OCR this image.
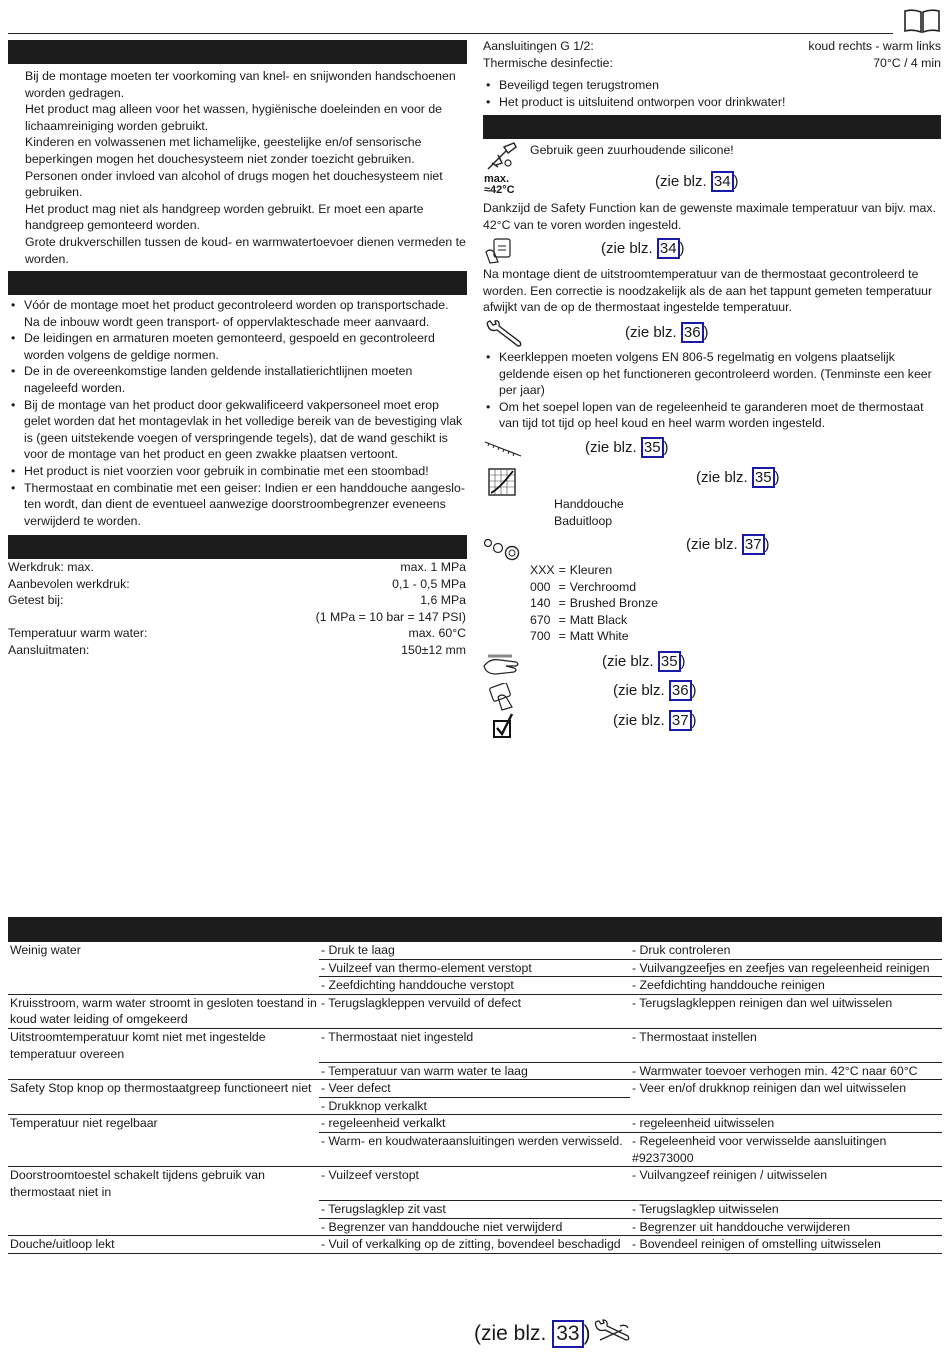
Bij de montage moeten ter voorkoming van knel- en snijwonden handschoenen worden gedragen.

Het product mag alleen voor het wassen, hygiënische doeleinden en voor de lichaamreiniging worden gebruikt.

Kinderen en volwassenen met lichamelijke, geestelijke en/of sensorische beperkingen mogen het douchesysteem niet zonder toezicht gebruiken.

Personen onder invloed van alcohol of drugs mogen het douchesysteem niet gebruiken.

Het product mag niet als handgreep worden gebruikt. Er moet een aparte handgreep gemonteerd worden.

Grote drukverschillen tussen de koud- en warmwatertoevoer dienen vermeden te worden.

• Vóór de montage moet het product gecontroleerd worden op transportschade. Na de inbouw wordt geen transport- of oppervlakteschade meer aanvaard.
• De leidingen en armaturen moeten gemonteerd, gespoeld en gecontroleerd worden volgens de geldige normen.
• De in de overeenkomstige landen geldende installatierichtlijnen moeten nageleefd worden.
• Bij de montage van het product door gekwalificeerd vakpersoneel moet erop gelet worden dat het montagevlak in het volledige bereik van de bevestiging vlak is (geen uitstekende voegen of verspringende tegels), dat de wand geschikt is voor de montage van het product en geen zwakke plaatsen vertoont.
• Het product is niet voorzien voor gebruik in combinatie met een stoombad!
• Thermostaat en combinatie met een geiser: Indien er een handdouche aangeslo-ten wordt, dan dient de eventueel aanwezige doorstroombegrenzer eveneens verwijderd te worden.
Werkdruk: max.	max. 1 MPa
Aanbevolen werkdruk:	0,1 - 0,5 MPa
Getest bij:	1,6 MPa
(1 MPa = 10 bar = 147 PSI)
Temperatuur warm water:	max. 60°C
Aansluitmaten:	150±12 mm
Aansluitingen G 1/2:	koud rechts - warm links
Thermische desinfectie:	70°C / 4 min
• Beveiligd tegen terugstromen
• Het product is uitsluitend ontworpen voor drinkwater!
Gebruik geen zuurhoudende silicone!
max.
≈42°C	(zie blz. 34 )
Dankzijd de Safety Function kan de gewenste maximale temperatuur van bijv. max. 42°C van te voren worden ingesteld.
(zie blz. 34 )
Na montage dient de uitstroomtemperatuur van de thermostaat gecontroleerd te worden. Een correctie is noodzakelijk als de aan het tappunt gemeten temperatuur afwijkt van de op de thermostaat ingestelde temperatuur.
(zie blz. 36 )
• Keerkleppen moeten volgens EN 806-5 regelmatig en volgens plaatselijk geldende eisen op het functioneren gecontroleerd worden. (Tenminste een keer per jaar)
• Om het soepel lopen van de regeleenheid te garanderen moet de thermostaat van tijd tot tijd op heel koud en heel warm worden ingesteld.
(zie blz. 35 )
(zie blz. 35 )
Handdouche
Baduitloop
(zie blz. 37 )
XXX	=	Kleuren
000	=	Verchroomd
140	=	Brushed Bronze
670	=	Matt Black
700	=	Matt White
(zie blz. 35 )
(zie blz. 36 )
(zie blz. 37 )
Weinig water	- Druk te laag	- Druk controleren
	- Vuilzeef van thermo-element verstopt	- Vuilvangzeefjes en zeefjes van regeleenheid reinigen
	- Zeefdichting handdouche verstopt	- Zeefdichting handdouche reinigen
Kruisstroom, warm water stroomt in gesloten toestand in koud water leiding of omgekeerd	- Terugslagkleppen vervuild of defect	- Terugslagkleppen reinigen dan wel uitwisselen
Uitstroomtemperatuur komt niet met ingestelde temperatuur overeen	- Thermostaat niet ingesteld	- Thermostaat instellen
	- Temperatuur van warm water te laag	- Warmwater toevoer verhogen min. 42°C naar 60°C
Safety Stop knop op thermostaatgreep functioneert niet	- Veer defect	- Veer en/of drukknop reinigen dan wel uitwisselen
	- Drukknop verkalkt	
Temperatuur niet regelbaar	- regeleenheid verkalkt	- regeleenheid uitwisselen
	- Warm- en koudwateraansluitingen werden verwisseld.	- Regeleenheid voor verwisselde aansluitingen #92373000
Doorstroomtoestel schakelt tijdens gebruik van thermostaat niet in	- Vuilzeef verstopt	- Vuilvangzeef reinigen / uitwisselen
	- Terugslagklep zit vast	- Terugslagklep uitwisselen
	- Begrenzer van handdouche niet verwijderd	- Begrenzer uit handdouche verwijderen
Douche/uitloop lekt	- Vuil of verkalking op de zitting, bovendeel beschadigd	- Bovendeel reinigen of omstelling uitwisselen
(zie blz. 33 )
